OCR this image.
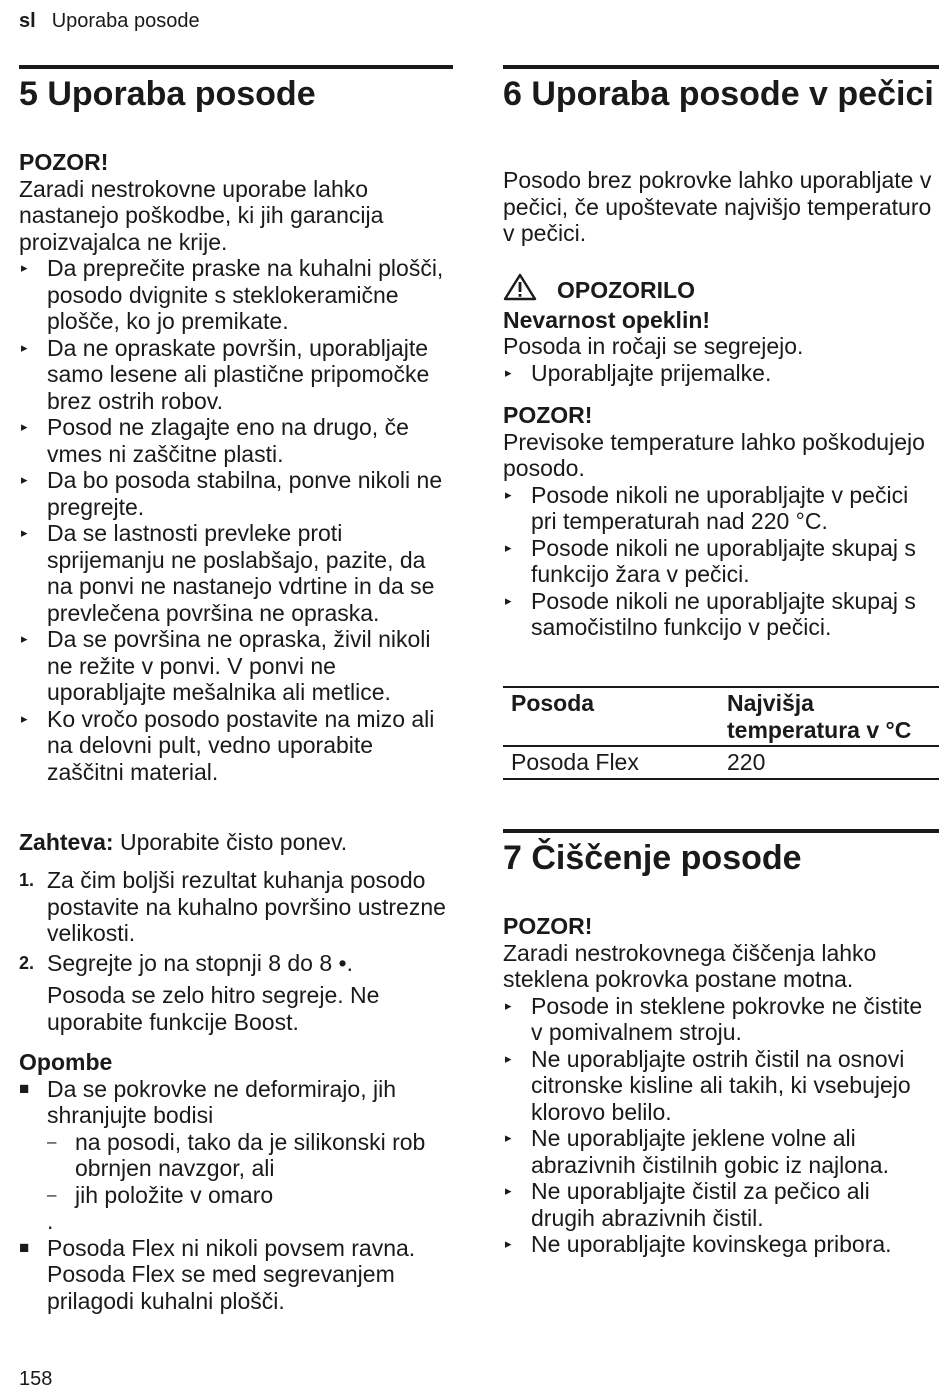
sl Uporaba posode
5 Uporaba posode
POZOR!
Zaradi nestrokovne uporabe lahko nastanejo poškodbe, ki jih garancija proizvajalca ne krije.
▸ Da preprečite praske na kuhalni plošči, posodo dvignite s steklokeramične plošče, ko jo premikate.
▸ Da ne opraskate površin, uporabljajte samo lesene ali plastične pripomočke brez ostrih robov.
▸ Posod ne zlagajte eno na drugo, če vmes ni zaščitne plasti.
▸ Da bo posoda stabilna, ponve nikoli ne pregrejte.
▸ Da se lastnosti prevleke proti sprijemanju ne poslabšajo, pazite, da na ponvi ne nastanejo vdrtine in da se prevlečena površina ne opraska.
▸ Da se površina ne opraska, živil nikoli ne režite v ponvi. V ponvi ne uporabljajte mešalnika ali metlice.
▸ Ko vročo posodo postavite na mizo ali na delovni pult, vedno uporabite zaščitni material.
Zahteva: Uporabite čisto ponev.
1. Za čim boljši rezultat kuhanja posodo postavite na kuhalno površino ustrezne velikosti.
2. Segrejte jo na stopnji 8 do 8 •.
Posoda se zelo hitro segreje. Ne uporabite funkcije Boost.
Opombe
■ Da se pokrovke ne deformirajo, jih shranjujte bodisi
– na posodi, tako da je silikonski rob obrnjen navzgor, ali
– jih položite v omaro
.
■ Posoda Flex ni nikoli povsem ravna. Posoda Flex se med segrevanjem prilagodi kuhalni plošči.
6 Uporaba posode v pečici
Posodo brez pokrovke lahko uporabljate v pečici, če upoštevate najvišjo temperaturo v pečici.
OPOZORILO
Nevarnost opeklin!
Posoda in ročaji se segrejejo.
▸ Uporabljajte prijemalke.
POZOR!
Previsoke temperature lahko poškodujejo posodo.
▸ Posode nikoli ne uporabljajte v pečici pri temperaturah nad 220 °C.
▸ Posode nikoli ne uporabljajte skupaj s funkcijo žara v pečici.
▸ Posode nikoli ne uporabljajte skupaj s samočistilno funkcijo v pečici.
Posoda	Najvišja temperatura v °C
Posoda Flex	220
7 Čiščenje posode
POZOR!
Zaradi nestrokovnega čiščenja lahko steklena pokrovka postane motna.
▸ Posode in steklene pokrovke ne čistite v pomivalnem stroju.
▸ Ne uporabljajte ostrih čistil na osnovi citronske kisline ali takih, ki vsebujejo klorovo belilo.
▸ Ne uporabljajte jeklene volne ali abrazivnih čistilnih gobic iz najlona.
▸ Ne uporabljajte čistil za pečico ali drugih abrazivnih čistil.
▸ Ne uporabljajte kovinskega pribora.
158
